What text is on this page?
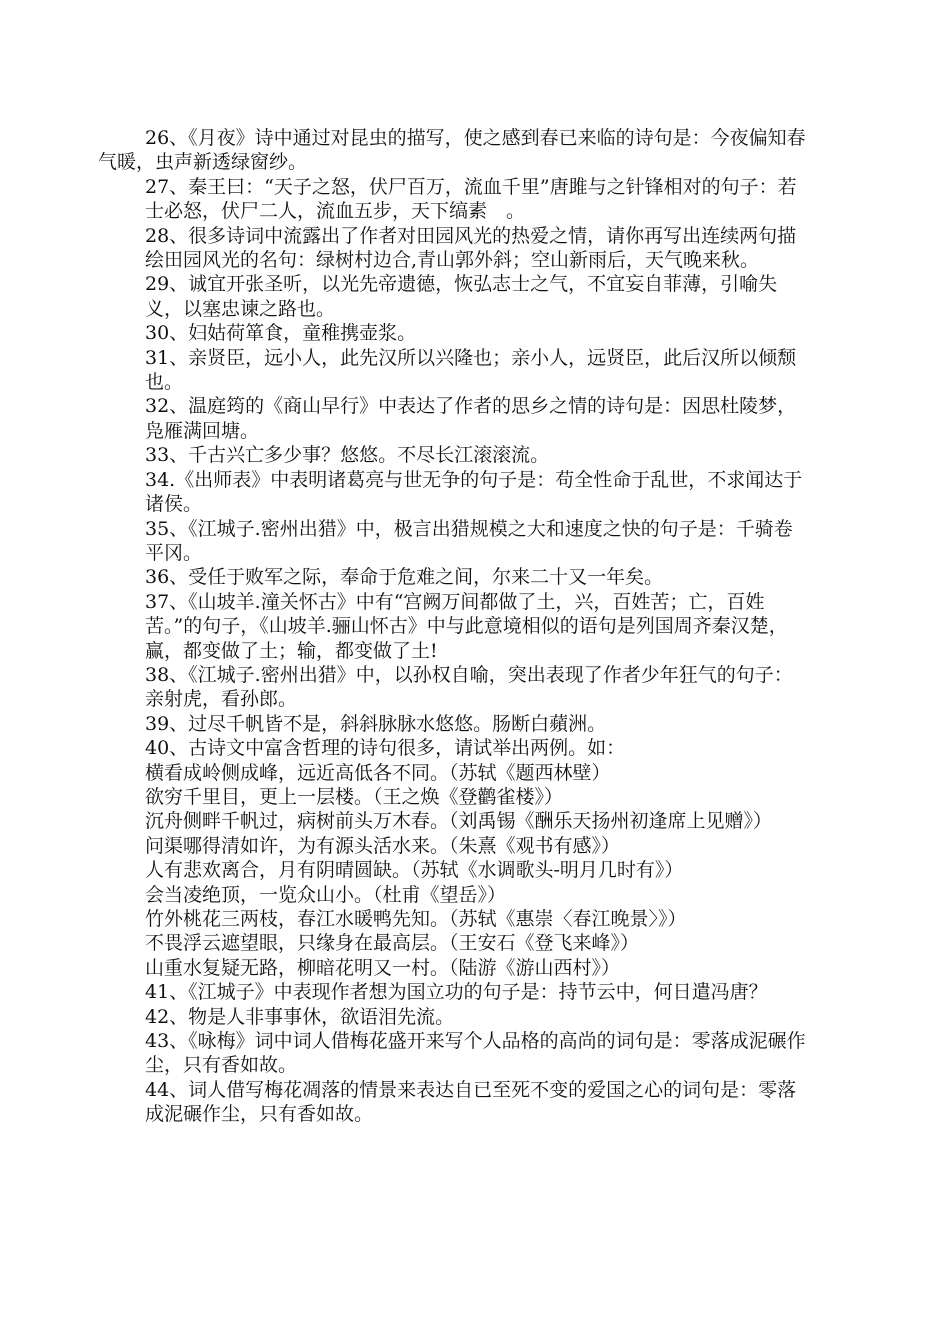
26、《月夜》诗中通过对昆虫的描写，使之感到春已来临的诗句是：今夜偏知春气暖，虫声新透绿窗纱。

27、秦王曰：“天子之怒，伏尸百万，流血千里”唐雎与之针锋相对的句子：若士必怒，伏尸二人，流血五步，天下缟素　。

28、很多诗词中流露出了作者对田园风光的热爱之情，请你再写出连续两句描绘田园风光的名句：绿树村边合,青山郭外斜；空山新雨后，天气晚来秋。

29、诚宜开张圣听，以光先帝遗德，恢弘志士之气，不宜妄自菲薄，引喻失义，以塞忠谏之路也。

30、妇姑荷箪食，童稚携壶浆。

31、亲贤臣，远小人，此先汉所以兴隆也；亲小人，远贤臣，此后汉所以倾颓也。

32、温庭筠的《商山早行》中表达了作者的思乡之情的诗句是：因思杜陵梦，凫雁满回塘。

33、千古兴亡多少事？悠悠。不尽长江滚滚流。

34.《出师表》中表明诸葛亮与世无争的句子是：苟全性命于乱世，不求闻达于诸侯。

35、《江城子.密州出猎》中，极言出猎规模之大和速度之快的句子是：千骑卷平冈。

36、受任于败军之际，奉命于危难之间，尔来二十又一年矣。

37、《山坡羊.潼关怀古》中有“宫阙万间都做了土，兴，百姓苦；亡，百姓苦。”的句子，《山坡羊.骊山怀古》中与此意境相似的语句是列国周齐秦汉楚，赢，都变做了土；输，都变做了土!

38、《江城子.密州出猎》中，以孙权自喻，突出表现了作者少年狂气的句子：亲射虎，看孙郎。

39、过尽千帆皆不是，斜斜脉脉水悠悠。肠断白蘋洲。

40、古诗文中富含哲理的诗句很多，请试举出两例。如：

横看成岭侧成峰，远近高低各不同。（苏轼《题西林壁）

欲穷千里目，更上一层楼。（王之焕《登鹳雀楼》）

沉舟侧畔千帆过，病树前头万木春。（刘禹锡《酬乐天扬州初逢席上见赠》）

问渠哪得清如许，为有源头活水来。（朱熹《观书有感》）

人有悲欢离合，月有阴晴圆缺。（苏轼《水调歌头-明月几时有》）

会当凌绝顶，一览众山小。（杜甫《望岳》）

竹外桃花三两枝，春江水暖鸭先知。（苏轼《惠崇〈春江晚景〉》）

不畏浮云遮望眼，只缘身在最高层。（王安石《登飞来峰》）

山重水复疑无路，柳暗花明又一村。（陆游《游山西村》）

41、《江城子》中表现作者想为国立功的句子是：持节云中，何日遣冯唐？

42、物是人非事事休，欲语泪先流。

43、《咏梅》词中词人借梅花盛开来写个人品格的高尚的词句是：零落成泥碾作尘，只有香如故。

44、词人借写梅花凋落的情景来表达自已至死不变的爱国之心的词句是：零落成泥碾作尘，只有香如故。
